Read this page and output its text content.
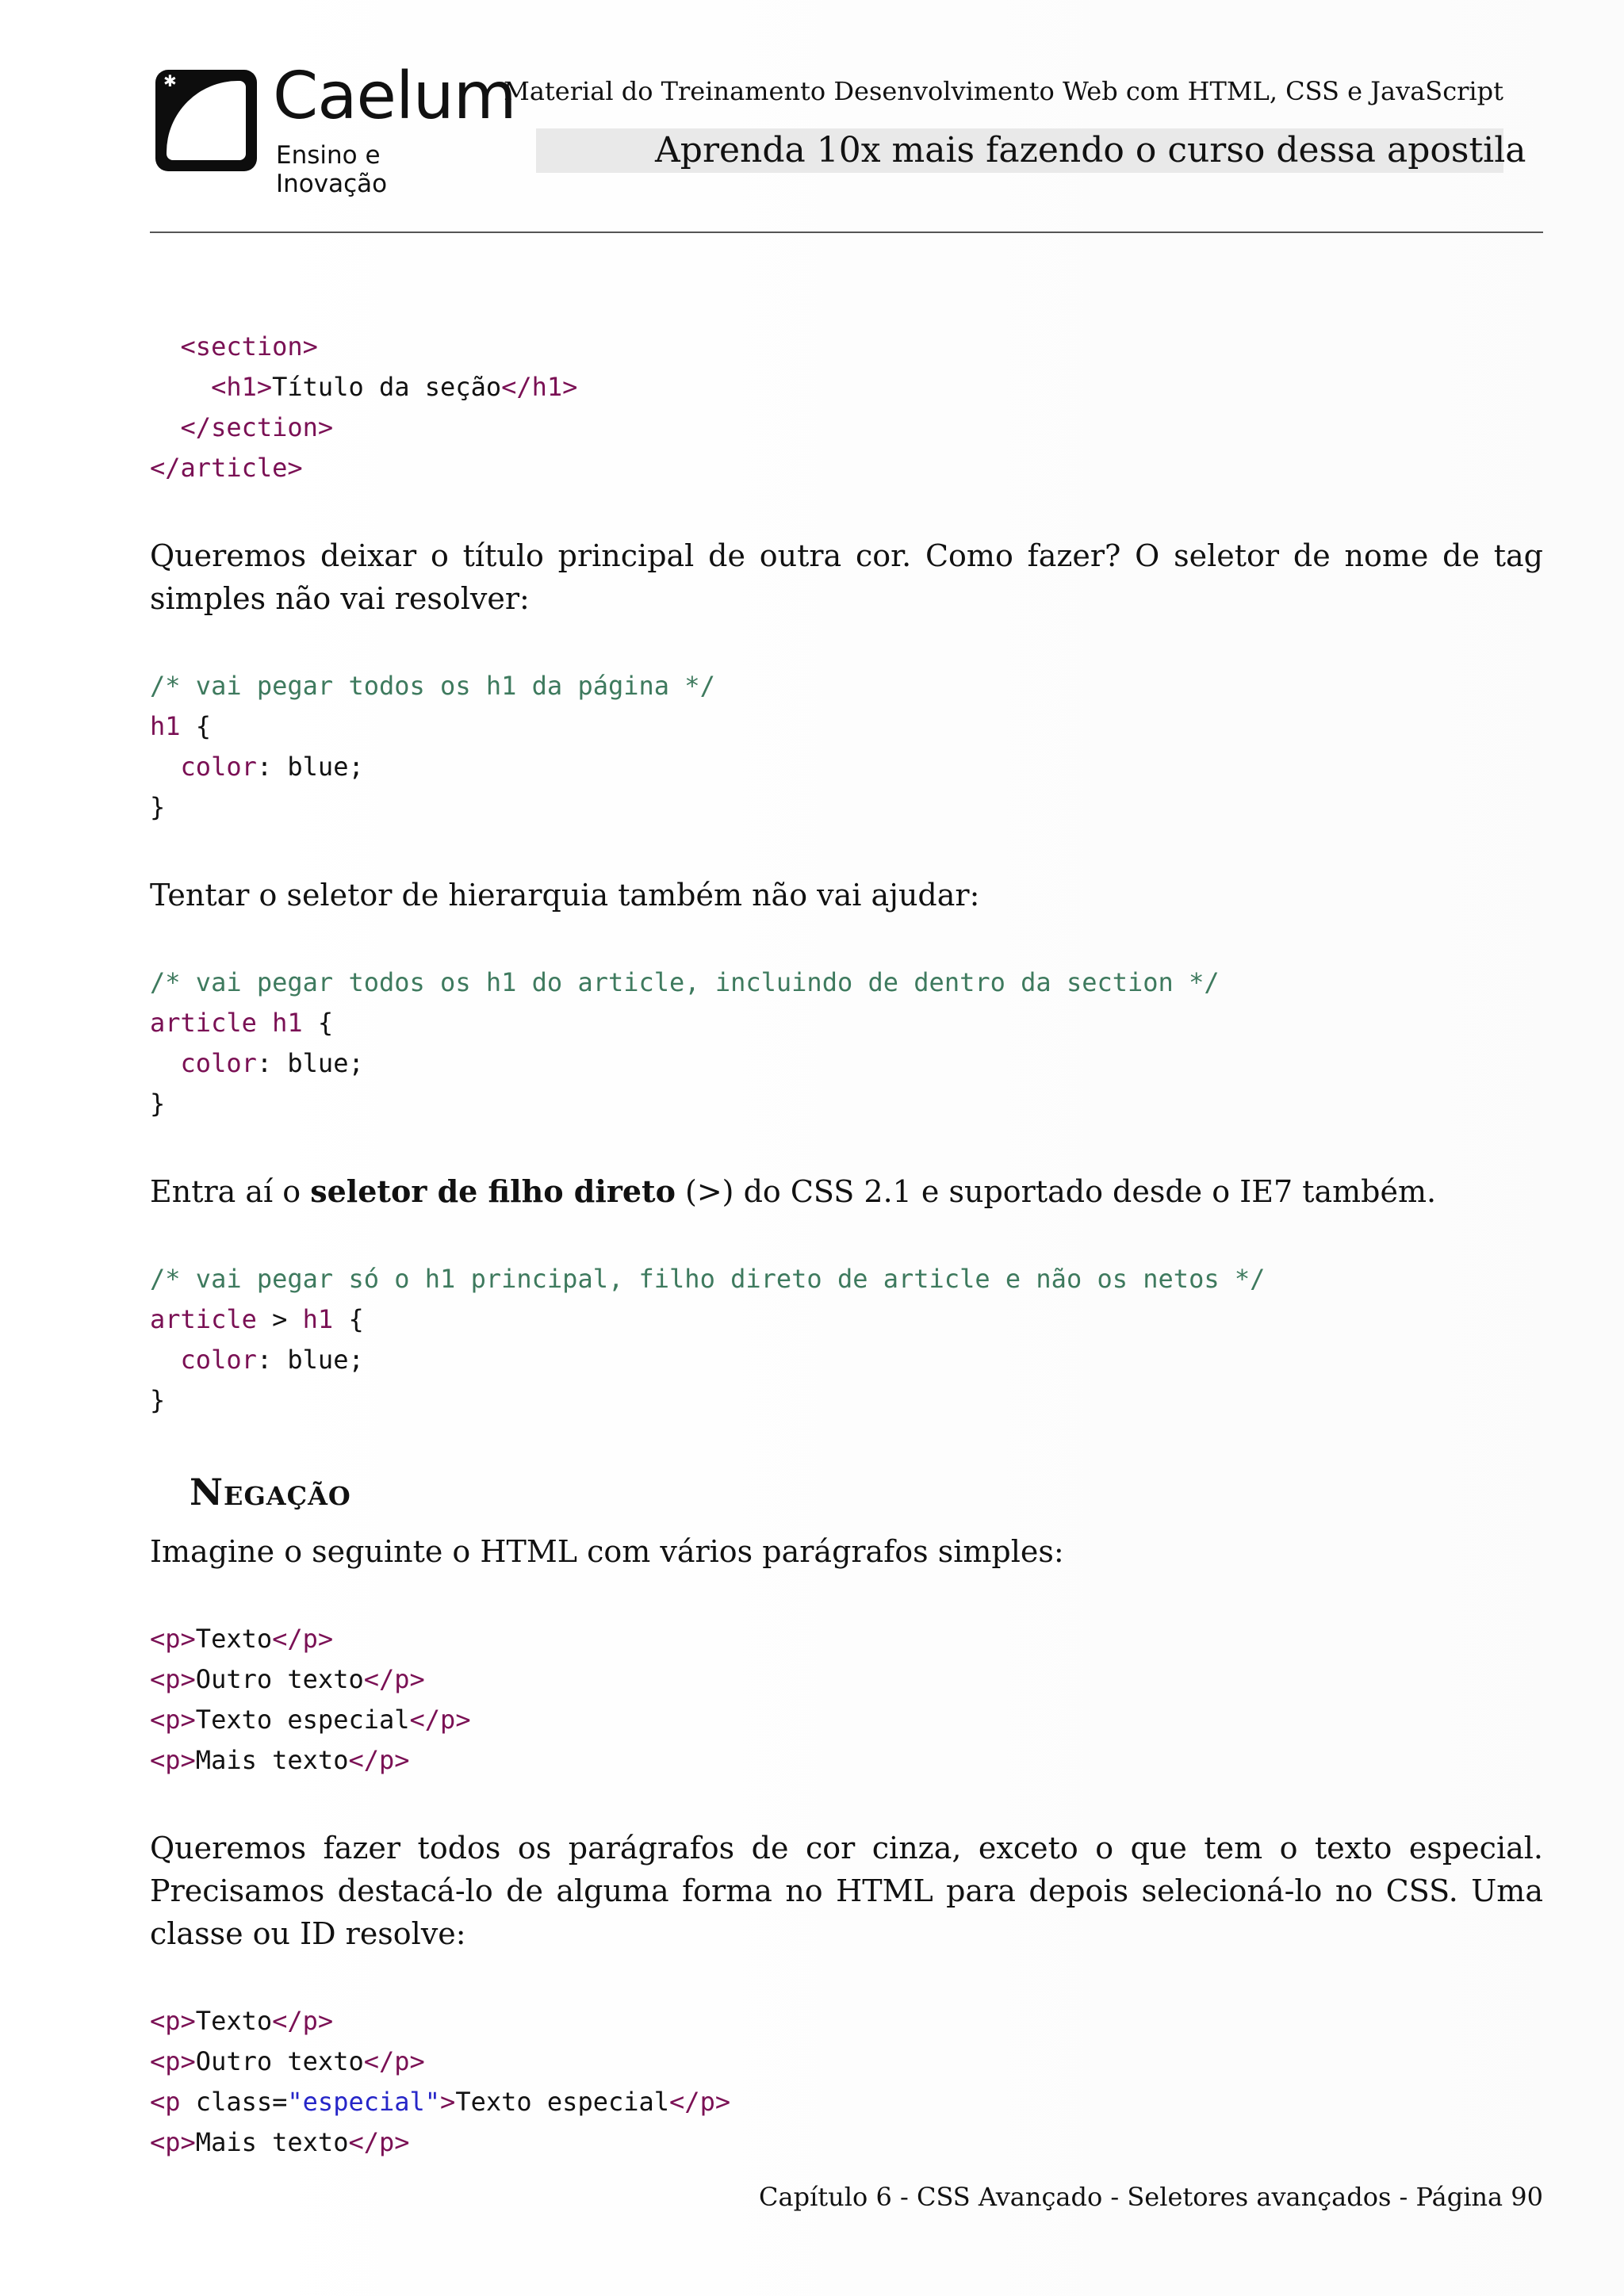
✱ Caelum
Ensino e Inovação
Material do Treinamento Desenvolvimento Web com HTML, CSS e JavaScript
Aprenda 10x mais fazendo o curso dessa apostila
<section>
<h1>Título da seção</h1>
</section>
</article>

Queremos deixar o título principal de outra cor. Como fazer? O seletor de nome de tag simples não vai resolver:

/* vai pegar todos os h1 da página */
h1 {
color: blue;
}

Tentar o seletor de hierarquia também não vai ajudar:

/* vai pegar todos os h1 do article, incluindo de dentro da section */
article h1 {
color: blue;
}

Entra aí o seletor de filho direto (>) do CSS 2.1 e suportado desde o IE7 também.

/* vai pegar só o h1 principal, filho direto de article e não os netos */
article > h1 {
color: blue;
}
Negação

Imagine o seguinte o HTML com vários parágrafos simples:

<p>Texto</p>
<p>Outro texto</p>
<p>Texto especial</p>
<p>Mais texto</p>

Queremos fazer todos os parágrafos de cor cinza, exceto o que tem o texto especial. Precisamos destacá-lo de alguma forma no HTML para depois selecioná-lo no CSS. Uma classe ou ID resolve:

<p>Texto</p>
<p>Outro texto</p>
<p class="especial">Texto especial</p>
<p>Mais texto</p>
Capítulo 6 - CSS Avançado - Seletores avançados - Página 90
